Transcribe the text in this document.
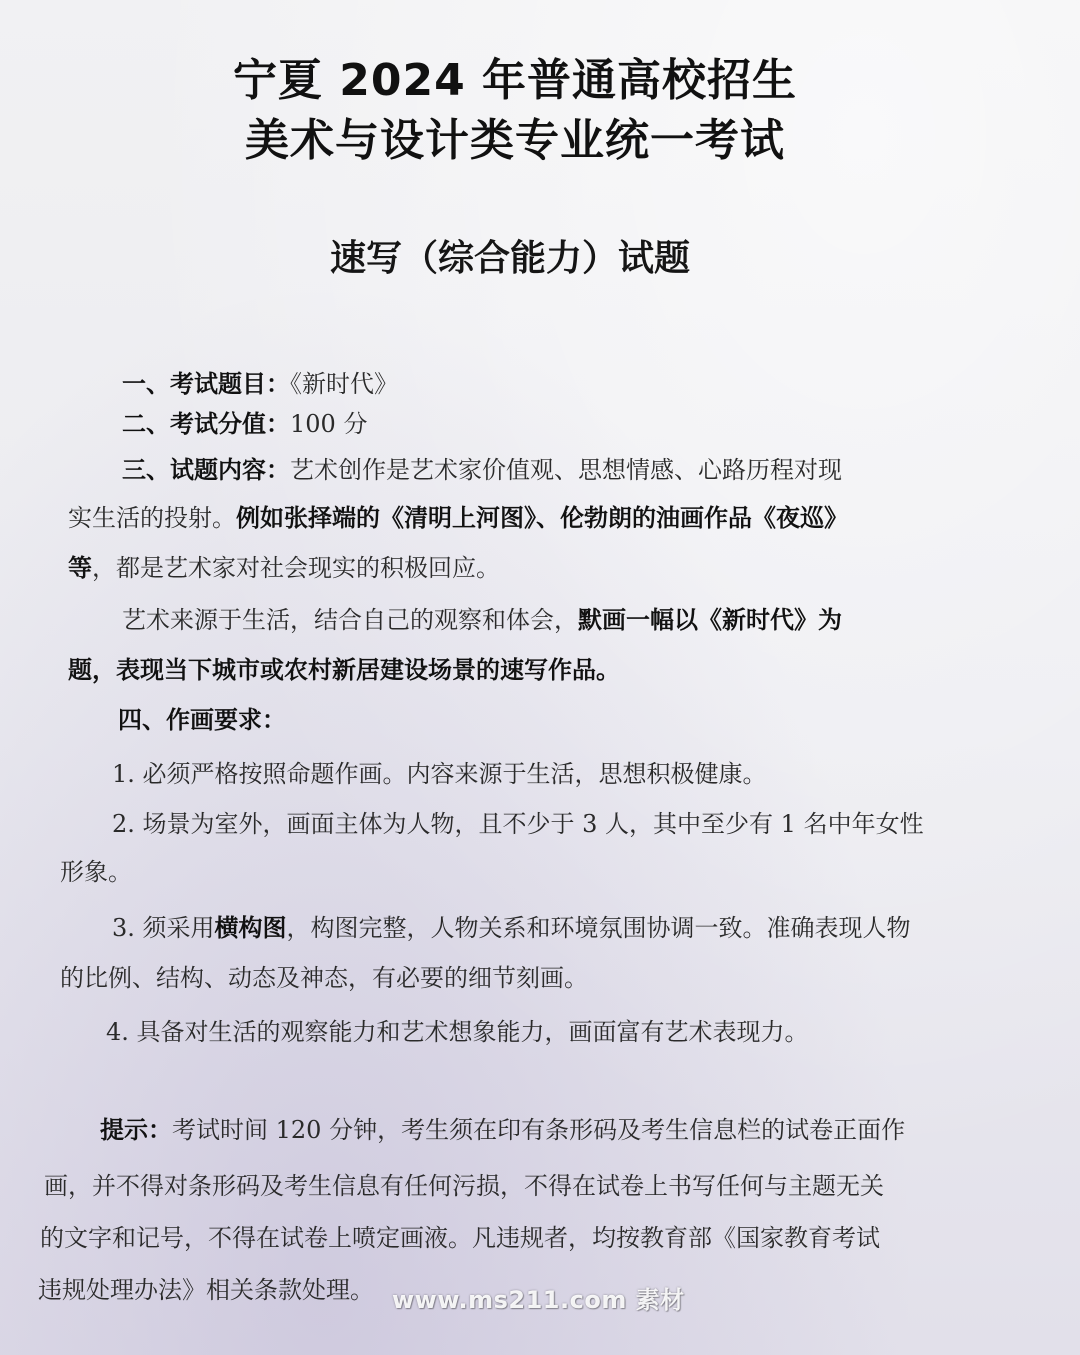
宁夏 2024 年普通高校招生
美术与设计类专业统一考试
速写（综合能力）试题
一、考试题目：《新时代》
二、考试分值：100 分
三、试题内容：艺术创作是艺术家价值观、思想情感、心路历程对现
实生活的投射。例如张择端的《清明上河图》、伦勃朗的油画作品《夜巡》
等，都是艺术家对社会现实的积极回应。
艺术来源于生活，结合自己的观察和体会，默画一幅以《新时代》为
题，表现当下城市或农村新居建设场景的速写作品。
四、作画要求：
1. 必须严格按照命题作画。内容来源于生活，思想积极健康。
2. 场景为室外，画面主体为人物，且不少于 3 人，其中至少有 1 名中年女性
形象。
3. 须采用横构图，构图完整，人物关系和环境氛围协调一致。准确表现人物
的比例、结构、动态及神态，有必要的细节刻画。
4. 具备对生活的观察能力和艺术想象能力，画面富有艺术表现力。
提示：考试时间 120 分钟，考生须在印有条形码及考生信息栏的试卷正面作
画，并不得对条形码及考生信息有任何污损，不得在试卷上书写任何与主题无关
的文字和记号，不得在试卷上喷定画液。凡违规者，均按教育部《国家教育考试
违规处理办法》相关条款处理。 www.ms211.com 素材
